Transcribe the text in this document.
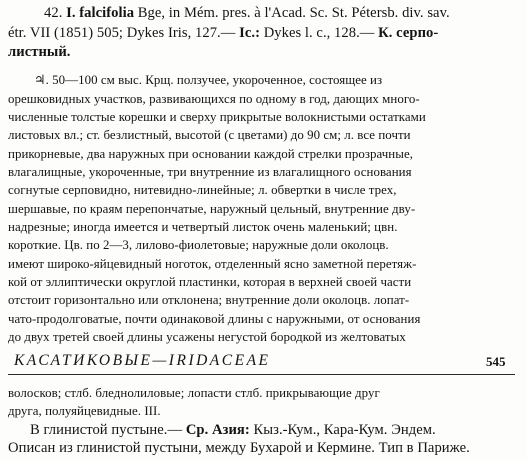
42. I. falcifolia Bge, in Mém. pres. à l'Acad. Sc. St. Pétersb. div. sav.
étr. VII (1851) 505; Dykes Iris, 127.— Ic.: Dykes l. c., 128.— К. серпо-
листный.
♃. 50—100 см выс. Крщ. ползучее, укороченное, состоящее из
орешковидных участков, развивающихся по одному в год, дающих много-
численные толстые корешки и сверху прикрытые волокнистыми остатками
листовых вл.; ст. безлистный, высотой (с цветами) до 90 см; л. все почти
прикорневые, два наружных при основании каждой стрелки прозрачные,
влагалищные, укороченные, три внутренние из влагалищного основания
согнутые серповидно, нитевидно-линейные; л. обвертки в числе трех,
шершавые, по краям перепончатые, наружный цельный, внутренние дву-
надрезные; иногда имеется и четвертый листок очень маленький; цвн.
короткие. Цв. по 2—3, лилово-фиолетовые; наружные доли околоцв.
имеют широко-яйцевидный ноготок, отделенный ясно заметной перетяж-
кой от эллиптически округлой пластинки, которая в верхней своей части
отстоит горизонтально или отклонена; внутренние доли околоцв. лопат-
чато-продолговатые, почти одинаковой длины с наружными, от основания
до двух третей своей длины усажены негустой бородкой из желтоватых
КАСАТИКОВЫЕ—IRIDACEAE	545
волосков; стлб. бледнолиловые; лопасти стлб. прикрывающие друг
друга, полуяйцевидные. III.
В глинистой пустыне.— Ср. Азия: Кыз.-Кум., Кара-Кум. Эндем.
Описан из глинистой пустыни, между Бухарой и Кермине. Тип в Париже.
